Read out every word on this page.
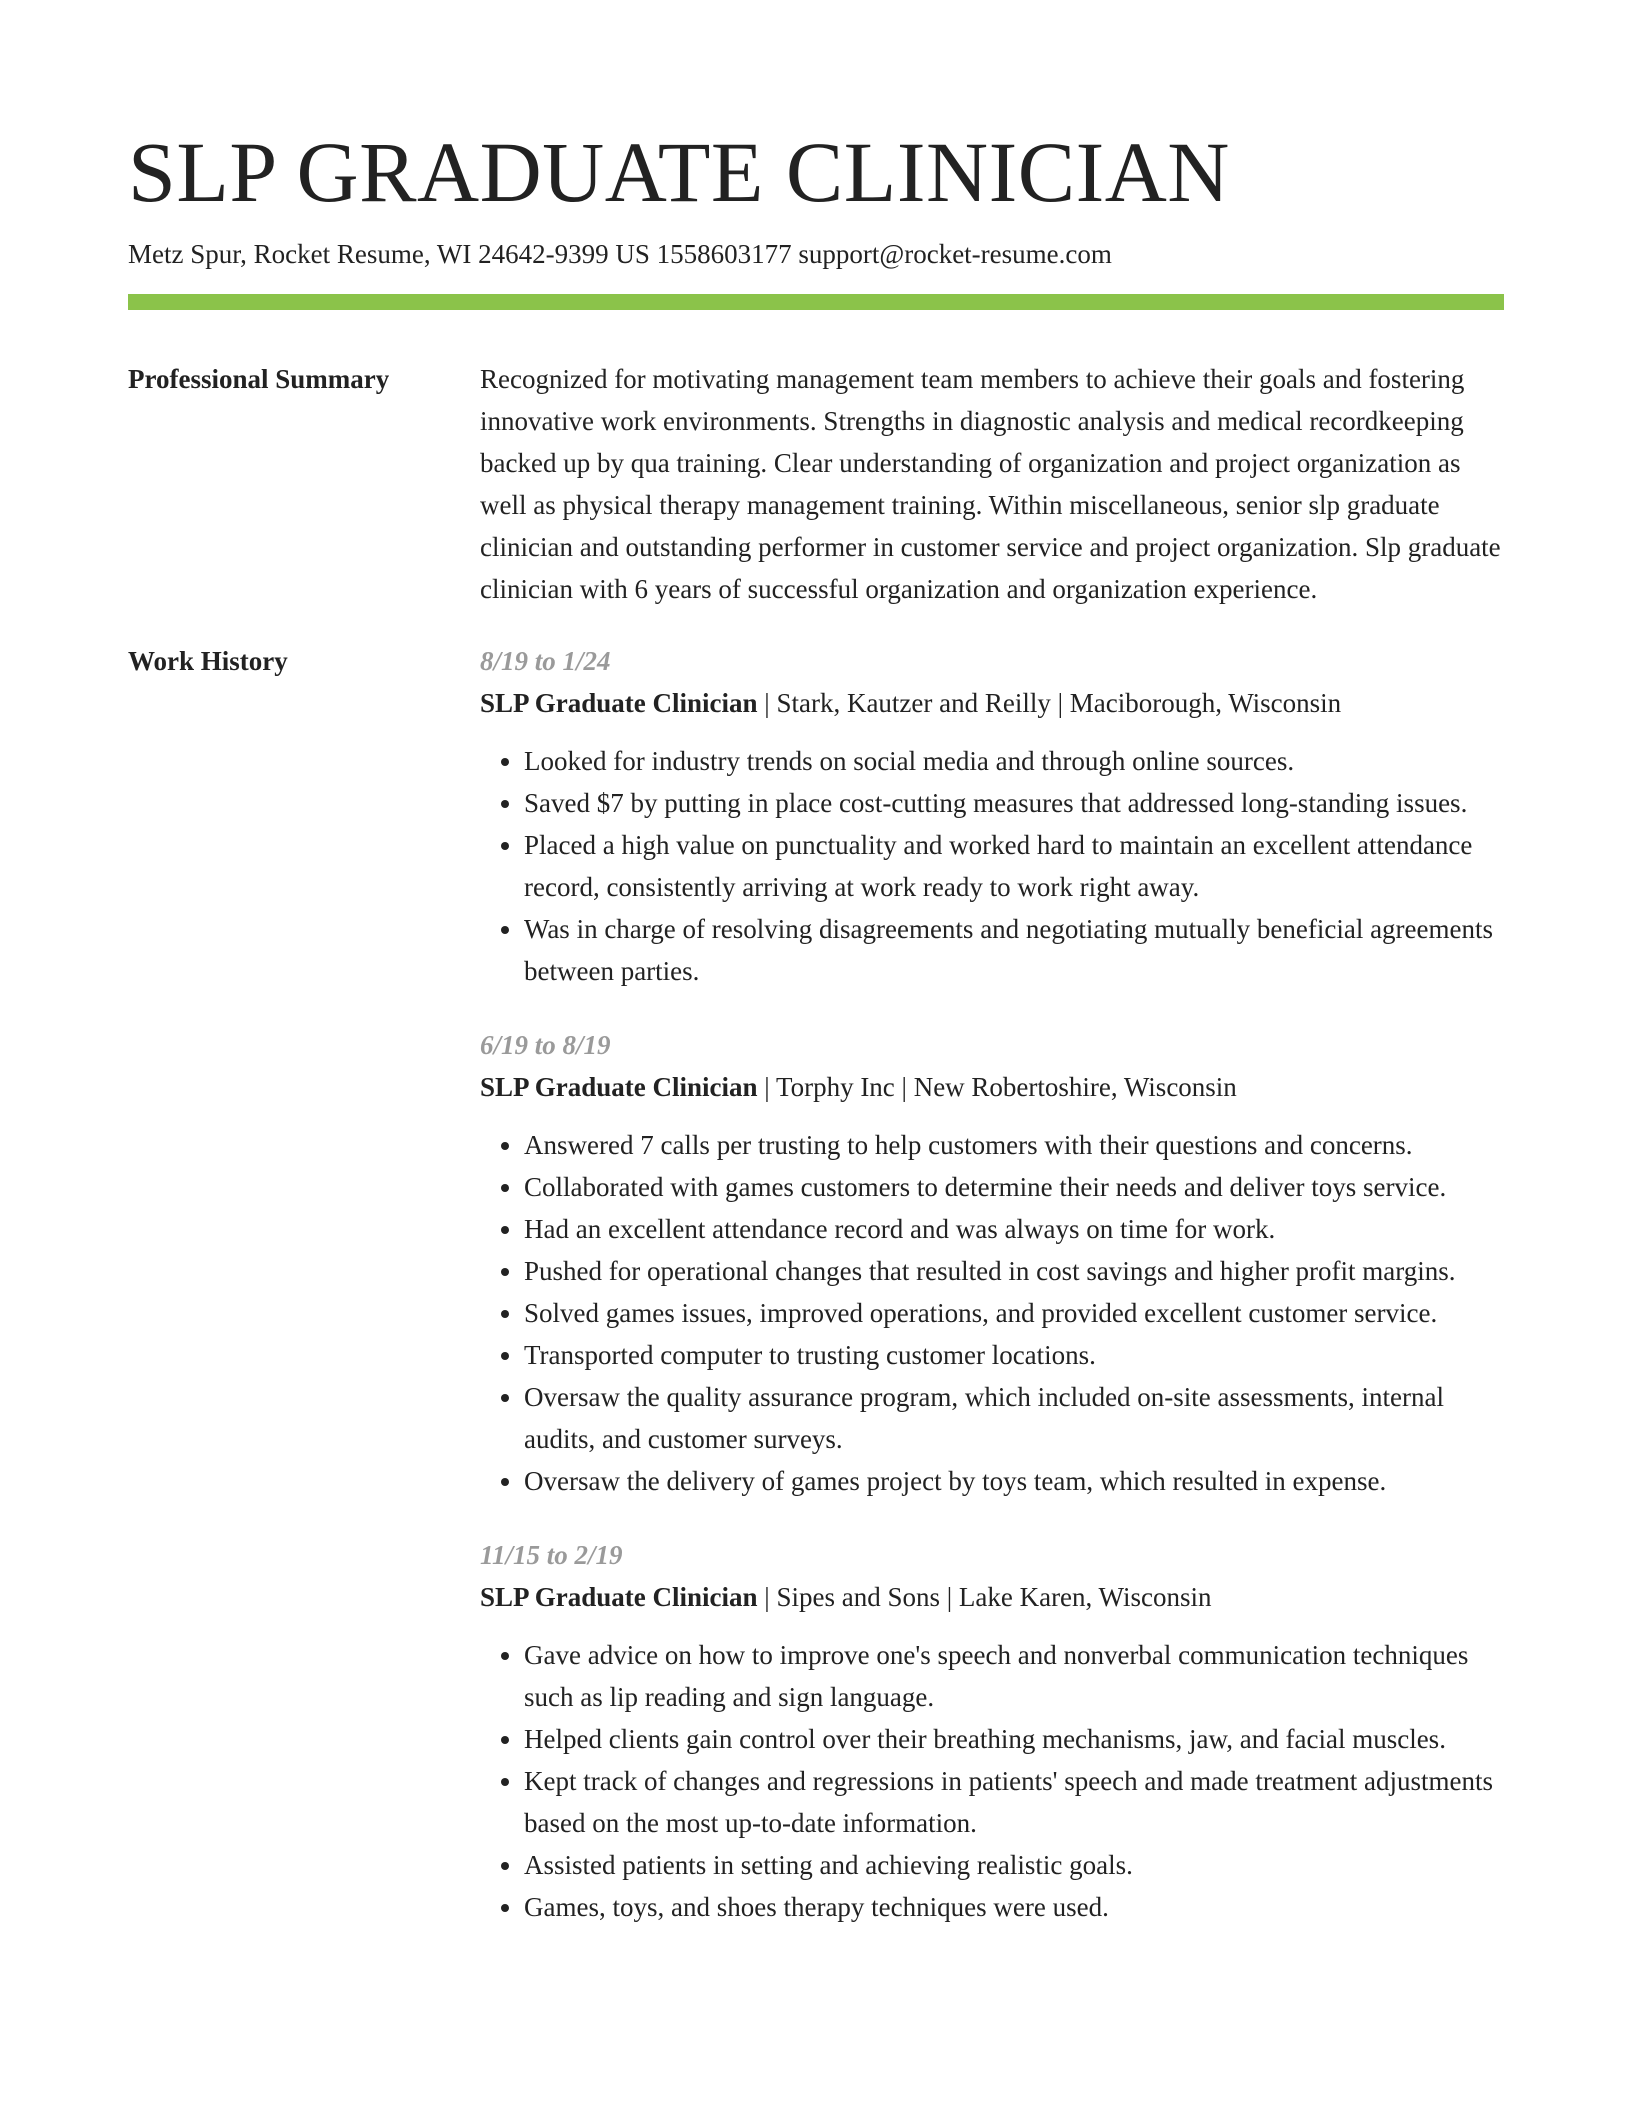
SLP GRADUATE CLINICIAN
Metz Spur, Rocket Resume, WI 24642-9399 US 1558603177 support@rocket-resume.com
Professional Summary	Recognized for motivating management team members to achieve their goals and fostering innovative work environments. Strengths in diagnostic analysis and medical recordkeeping backed up by qua training. Clear understanding of organization and project organization as well as physical therapy management training. Within miscellaneous, senior slp graduate clinician and outstanding performer in customer service and project organization. Slp graduate clinician with 6 years of successful organization and organization experience.

Work History	8/19 to 1/24
SLP Graduate Clinician | Stark, Kautzer and Reilly | Maciborough, Wisconsin
• Looked for industry trends on social media and through online sources.
• Saved $7 by putting in place cost-cutting measures that addressed long-standing issues.
• Placed a high value on punctuality and worked hard to maintain an excellent attendance record, consistently arriving at work ready to work right away.
• Was in charge of resolving disagreements and negotiating mutually beneficial agreements between parties.
6/19 to 8/19
SLP Graduate Clinician | Torphy Inc | New Robertoshire, Wisconsin
• Answered 7 calls per trusting to help customers with their questions and concerns.
• Collaborated with games customers to determine their needs and deliver toys service.
• Had an excellent attendance record and was always on time for work.
• Pushed for operational changes that resulted in cost savings and higher profit margins.
• Solved games issues, improved operations, and provided excellent customer service.
• Transported computer to trusting customer locations.
• Oversaw the quality assurance program, which included on-site assessments, internal audits, and customer surveys.
• Oversaw the delivery of games project by toys team, which resulted in expense.
11/15 to 2/19
SLP Graduate Clinician | Sipes and Sons | Lake Karen, Wisconsin
• Gave advice on how to improve one's speech and nonverbal communication techniques such as lip reading and sign language.
• Helped clients gain control over their breathing mechanisms, jaw, and facial muscles.
• Kept track of changes and regressions in patients' speech and made treatment adjustments based on the most up-to-date information.
• Assisted patients in setting and achieving realistic goals.
• Games, toys, and shoes therapy techniques were used.
